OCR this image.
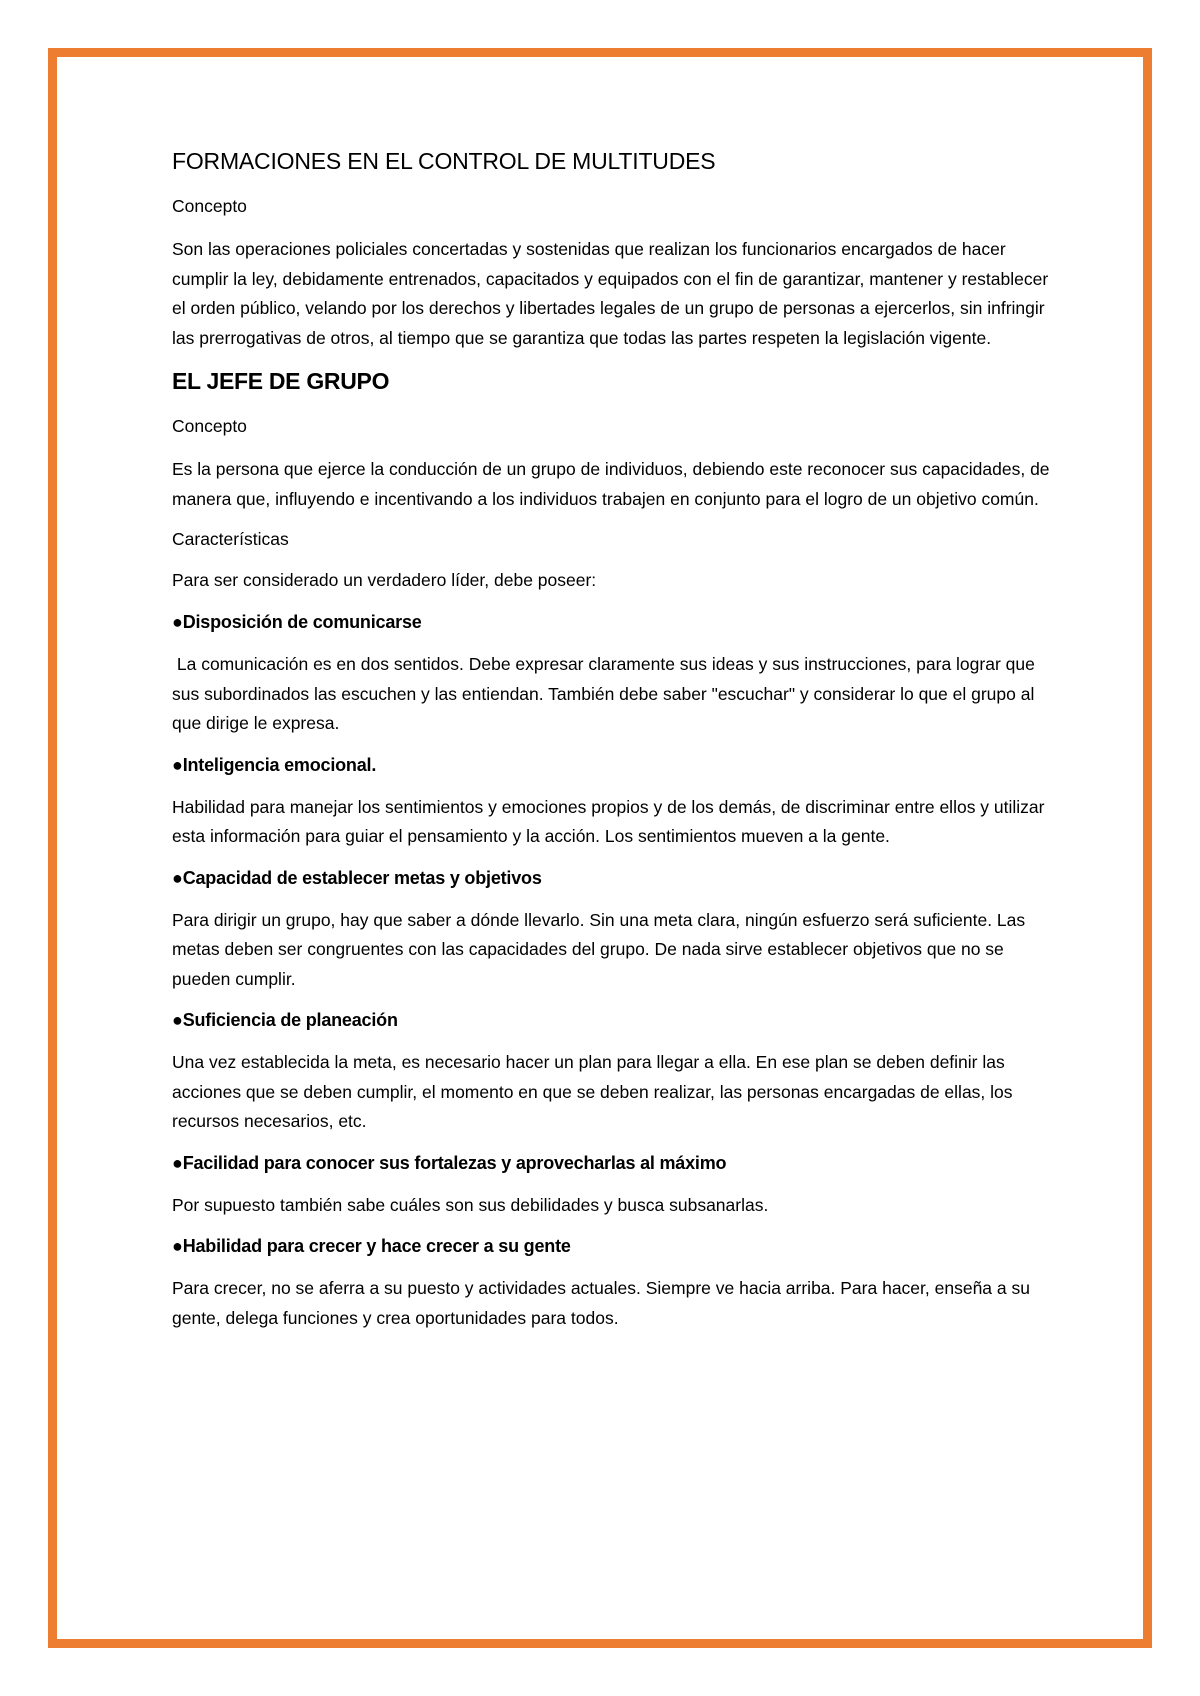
FORMACIONES EN EL CONTROL DE MULTITUDES

Concepto

Son las operaciones policiales concertadas y sostenidas que realizan los funcionarios encargados de hacer cumplir la ley, debidamente entrenados, capacitados y equipados con el fin de garantizar, mantener y restablecer el orden público, velando por los derechos y libertades legales de un grupo de personas a ejercerlos, sin infringir las prerrogativas de otros, al tiempo que se garantiza que todas las partes respeten la legislación vigente.

EL JEFE DE GRUPO

Concepto

Es la persona que ejerce la conducción de un grupo de individuos, debiendo este reconocer sus capacidades, de manera que, influyendo e incentivando a los individuos trabajen en conjunto para el logro de un objetivo común.

Características

Para ser considerado un verdadero líder, debe poseer:

●Disposición de comunicarse

La comunicación es en dos sentidos. Debe expresar claramente sus ideas y sus instrucciones, para lograr que sus subordinados las escuchen y las entiendan. También debe saber "escuchar" y considerar lo que el grupo al que dirige le expresa.

●Inteligencia emocional.

Habilidad para manejar los sentimientos y emociones propios y de los demás, de discriminar entre ellos y utilizar esta información para guiar el pensamiento y la acción. Los sentimientos mueven a la gente.

●Capacidad de establecer metas y objetivos

Para dirigir un grupo, hay que saber a dónde llevarlo. Sin una meta clara, ningún esfuerzo será suficiente. Las metas deben ser congruentes con las capacidades del grupo. De nada sirve establecer objetivos que no se pueden cumplir.

●Suficiencia de planeación

Una vez establecida la meta, es necesario hacer un plan para llegar a ella. En ese plan se deben definir las acciones que se deben cumplir, el momento en que se deben realizar, las personas encargadas de ellas, los recursos necesarios, etc.

●Facilidad para conocer sus fortalezas y aprovecharlas al máximo

Por supuesto también sabe cuáles son sus debilidades y busca subsanarlas.

●Habilidad para crecer y hace crecer a su gente

Para crecer, no se aferra a su puesto y actividades actuales. Siempre ve hacia arriba. Para hacer, enseña a su gente, delega funciones y crea oportunidades para todos.
